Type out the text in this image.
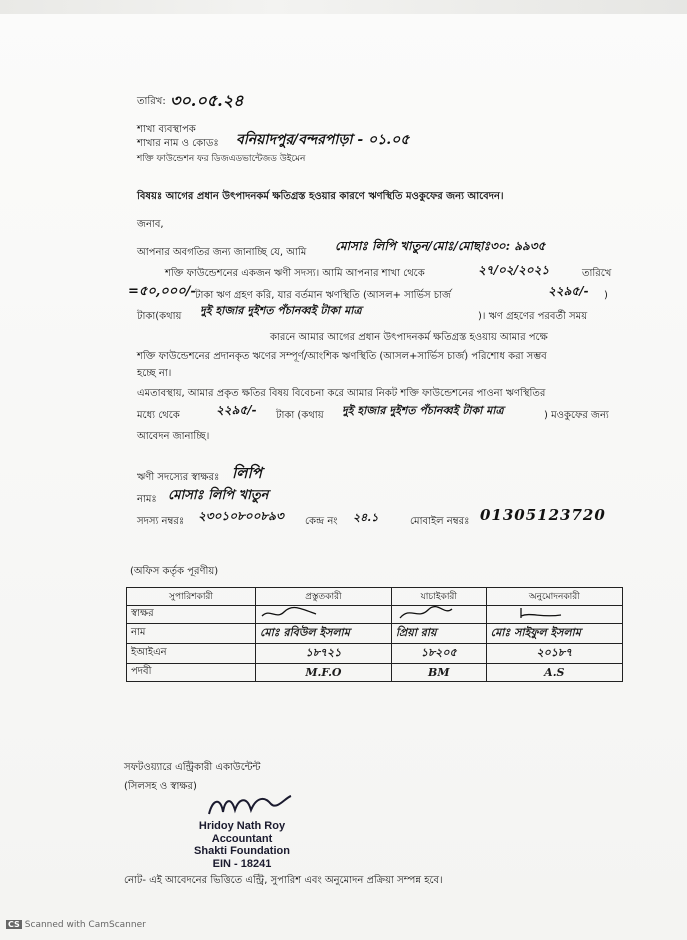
তারিখ: ৩০.০৫.২৪
শাখা ব্যবস্থাপক
শাখার নাম ও কোডঃ বনিয়াদপুর/বন্দরপাড়া - ০১.০৫
শক্তি ফাউন্ডেশন ফর ডিজএডভান্টেজড উইমেন
বিষয়ঃ আগের প্রধান উৎপাদনকর্ম ক্ষতিগ্রস্ত হওয়ার কারণে ঋণস্থিতি মওকুফের জন্য আবেদন।
জনাব,
আপনার অবগতির জন্য জানাচ্ছি যে, আমি মোসাঃ লিপি খাতুন/মোঃ/মোছাঃ৩০: ৯৯৩৫
শক্তি ফাউন্ডেশনের একজন ঋণী সদস্য। আমি আপনার শাখা থেকে	২৭/০২/২০২১	তারিখে
=৫০,০০০/- টাকা ঋণ গ্রহণ করি, যার বর্তমান ঋণস্থিতি (আসল+ সার্ভিস চার্জ	২২৯৫/- )
টাকা(কথায় দুই হাজার দুইশত পঁচানব্বই টাকা মাত্র	)। ঋণ গ্রহণের পরবর্তী সময়
কারনে আমার আগের প্রধান উৎপাদনকর্ম ক্ষতিগ্রস্ত হওয়ায় আমার পক্ষে
শক্তি ফাউন্ডেশনের প্রদানকৃত ঋণের সম্পূর্ণ/আংশিক ঋণস্থিতি (আসল+সার্ভিস চার্জ) পরিশোধ করা সম্ভব
হচ্ছে না।
এমতাবস্থায়, আমার প্রকৃত ক্ষতির বিষয় বিবেচনা করে আমার নিকট শক্তি ফাউন্ডেশনের পাওনা ঋণস্থিতির
মধ্যে থেকে	২২৯৫/- টাকা (কথায় দুই হাজার দুইশত পঁচানব্বই টাকা মাত্র	) মওকুফের জন্য
আবেদন জানাচ্ছি।
ঋণী সদস্যের স্বাক্ষরঃ লিপি
নামঃ মোসাঃ লিপি খাতুন
সদস্য নম্বরঃ ২৩০১০৮০০৮৯৩ কেন্দ্র নং ২৪.১	মোবাইল নম্বরঃ 01305123720
(অফিস কর্তৃক পূরণীয়)
সুপারিশকারী	প্রস্তুতকারী	যাচাইকারী	অনুমোদনকারী
স্বাক্ষর			
নাম	মোঃ রবিউল ইসলাম	প্রিয়া রায়	মোঃ সাইফুল ইসলাম
ইআইএন	১৮৭২১	১৮২০৫	২০১৮৭
পদবী	M.F.O	BM	A.S
সফটওয়্যারে এন্ট্রিকারী একাউন্টেন্ট
(সিলসহ ও স্বাক্ষর)
Hridoy Nath Roy
Accountant
Shakti Foundation
EIN - 18241
নোট- এই আবেদনের ভিত্তিতে এন্ট্রি, সুপারিশ এবং অনুমোদন প্রক্রিয়া সম্পন্ন হবে।
CS Scanned with CamScanner
